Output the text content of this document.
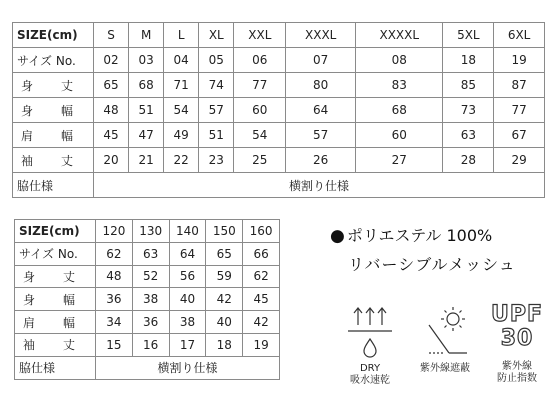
SIZE(cm)	S	M	L	XL	XXL	XXXL	XXXXL	5XL	6XL
サイズ No.	02	03	04	05	06	07	08	18	19
身　丈	65	68	71	74	77	80	83	85	87
身　幅	48	51	54	57	60	64	68	73	77
肩　幅	45	47	49	51	54	57	60	63	67
袖　丈	20	21	22	23	25	26	27	28	29
脇仕様	横割り仕様								
SIZE(cm)	120	130	140	150	160
サイズ No.	62	63	64	65	66
身　丈	48	52	56	59	62
身　幅	36	38	40	42	45
肩　幅	34	36	38	40	42
袖　丈	15	16	17	18	19
脇仕様	横割り仕様				
● ポリエステル 100%
リバーシブルメッシュ
DRY
吸水速乾
紫外線遮蔽
UPF
30
紫外線
防止指数
